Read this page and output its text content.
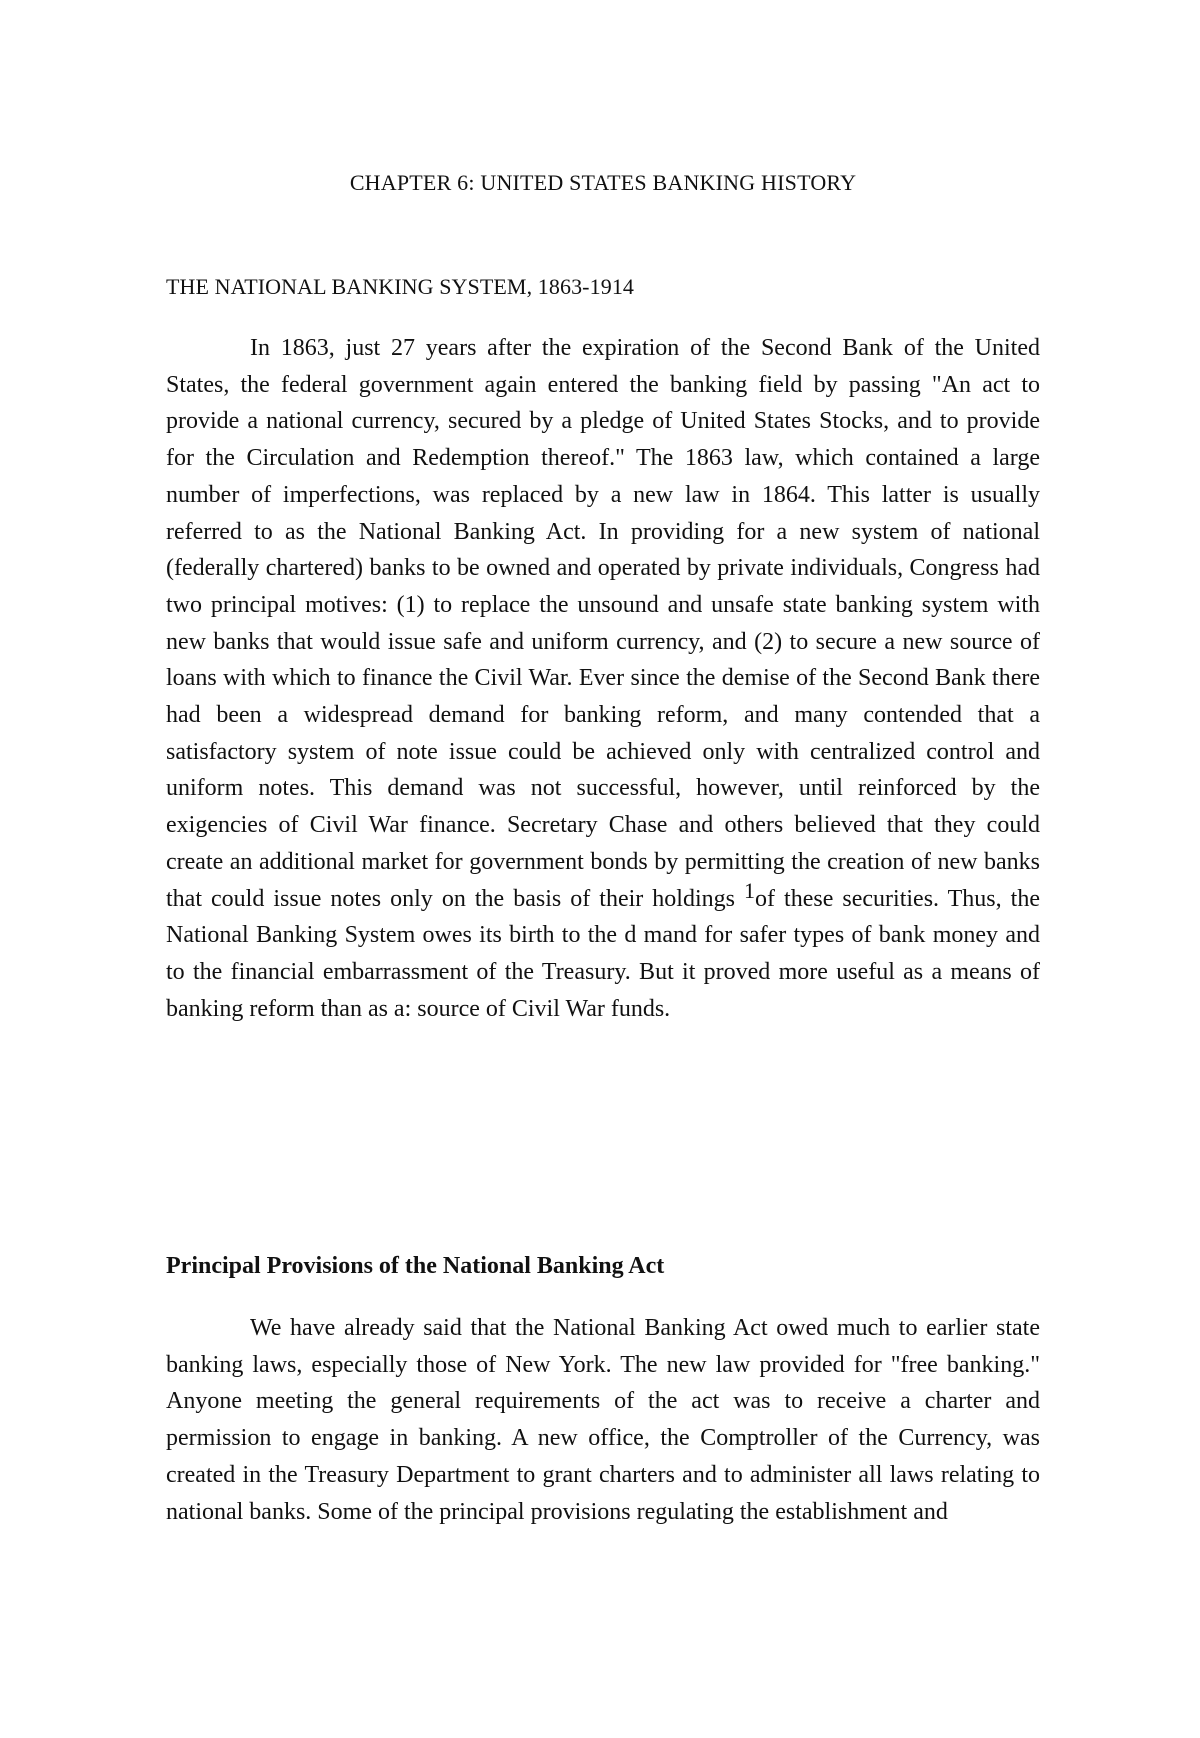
CHAPTER 6: UNITED STATES BANKING HISTORY
THE NATIONAL BANKING SYSTEM, 1863-1914

In 1863, just 27 years after the expiration of the Second Bank of the United States, the federal government again entered the banking field by passing "An act to provide a national currency, secured by a pledge of United States Stocks, and to provide for the Circulation and Redemption thereof." The 1863 law, which contained a large number of imperfections, was replaced by a new law in 1864. This latter is usually referred to as the National Banking Act. In providing for a new system of national (federally chartered) banks to be owned and operated by private individuals, Congress had two principal motives: (1) to replace the unsound and unsafe state banking system with new banks that would issue safe and uniform currency, and (2) to secure a new source of loans with which to finance the Civil War. Ever since the demise of the Second Bank there had been a widespread demand for banking reform, and many contended that a satisfactory system of note issue could be achieved only with centralized control and uniform notes. This demand was not successful, however, until reinforced by the exigencies of Civil War finance. Secretary Chase and others believed that they could create an additional market for government bonds by permitting the creation of new banks that could issue notes only on the basis of their holdings $^1$of these securities. Thus, the National Banking System owes its birth to the d mand for safer types of bank money and to the financial embarrassment of the Treasury. But it proved more useful as a means of banking reform than as a: source of Civil War funds.

Principal Provisions of the National Banking Act

We have already said that the National Banking Act owed much to earlier state banking laws, especially those of New York. The new law provided for "free banking." Anyone meeting the general requirements of the act was to receive a charter and permission to engage in banking. A new office, the Comptroller of the Currency, was created in the Treasury Department to grant charters and to administer all laws relating to national banks. Some of the principal provisions regulating the establishment and
